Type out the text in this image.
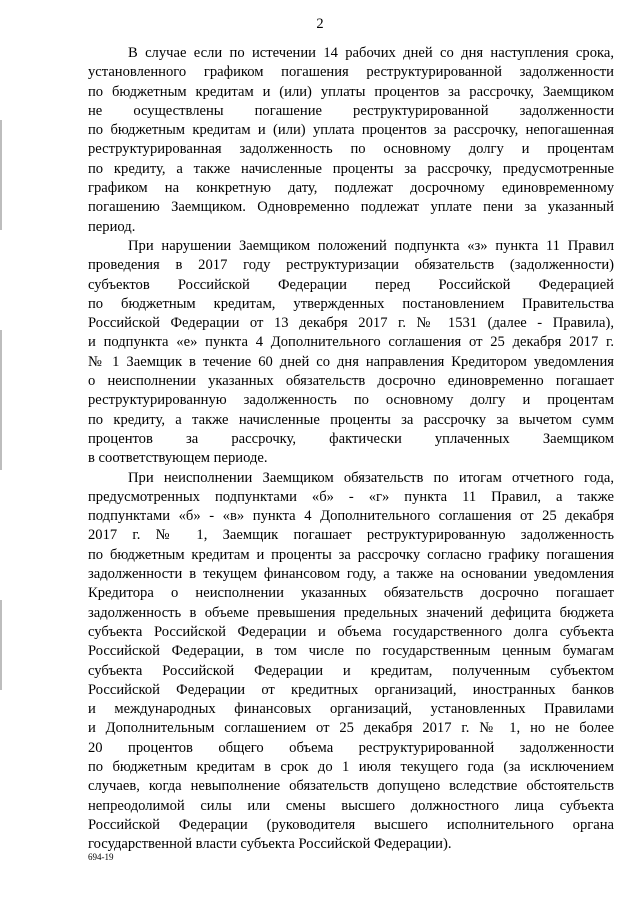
2
В случае если по истечении 14 рабочих дней со дня наступления срока,
установленного графиком погашения реструктурированной задолженности
по бюджетным кредитам и (или) уплаты процентов за рассрочку, Заемщиком
не осуществлены погашение реструктурированной задолженности
по бюджетным кредитам и (или) уплата процентов за рассрочку, непогашенная
реструктурированная задолженность по основному долгу и процентам
по кредиту, а также начисленные проценты за рассрочку, предусмотренные
графиком на конкретную дату, подлежат досрочному единовременному
погашению Заемщиком. Одновременно подлежат уплате пени за указанный
период.
При нарушении Заемщиком положений подпункта «з» пункта 11 Правил
проведения в 2017 году реструктуризации обязательств (задолженности)
субъектов Российской Федерации перед Российской Федерацией
по бюджетным кредитам, утвержденных постановлением Правительства
Российской Федерации от 13 декабря 2017 г. № 1531 (далее - Правила),
и подпункта «е» пункта 4 Дополнительного соглашения от 25 декабря 2017 г.
№ 1 Заемщик в течение 60 дней со дня направления Кредитором уведомления
о неисполнении указанных обязательств досрочно единовременно погашает
реструктурированную задолженность по основному долгу и процентам
по кредиту, а также начисленные проценты за рассрочку за вычетом сумм
процентов за рассрочку, фактически уплаченных Заемщиком
в соответствующем периоде.
При неисполнении Заемщиком обязательств по итогам отчетного года,
предусмотренных подпунктами «б» - «г» пункта 11 Правил, а также
подпунктами «б» - «в» пункта 4 Дополнительного соглашения от 25 декабря
2017 г. № 1, Заемщик погашает реструктурированную задолженность
по бюджетным кредитам и проценты за рассрочку согласно графику погашения
задолженности в текущем финансовом году, а также на основании уведомления
Кредитора о неисполнении указанных обязательств досрочно погашает
задолженность в объеме превышения предельных значений дефицита бюджета
субъекта Российской Федерации и объема государственного долга субъекта
Российской Федерации, в том числе по государственным ценным бумагам
субъекта Российской Федерации и кредитам, полученным субъектом
Российской Федерации от кредитных организаций, иностранных банков
и международных финансовых организаций, установленных Правилами
и Дополнительным соглашением от 25 декабря 2017 г. № 1, но не более
20 процентов общего объема реструктурированной задолженности
по бюджетным кредитам в срок до 1 июля текущего года (за исключением
случаев, когда невыполнение обязательств допущено вследствие обстоятельств
непреодолимой силы или смены высшего должностного лица субъекта
Российской Федерации (руководителя высшего исполнительного органа
государственной власти субъекта Российской Федерации).
694-19
